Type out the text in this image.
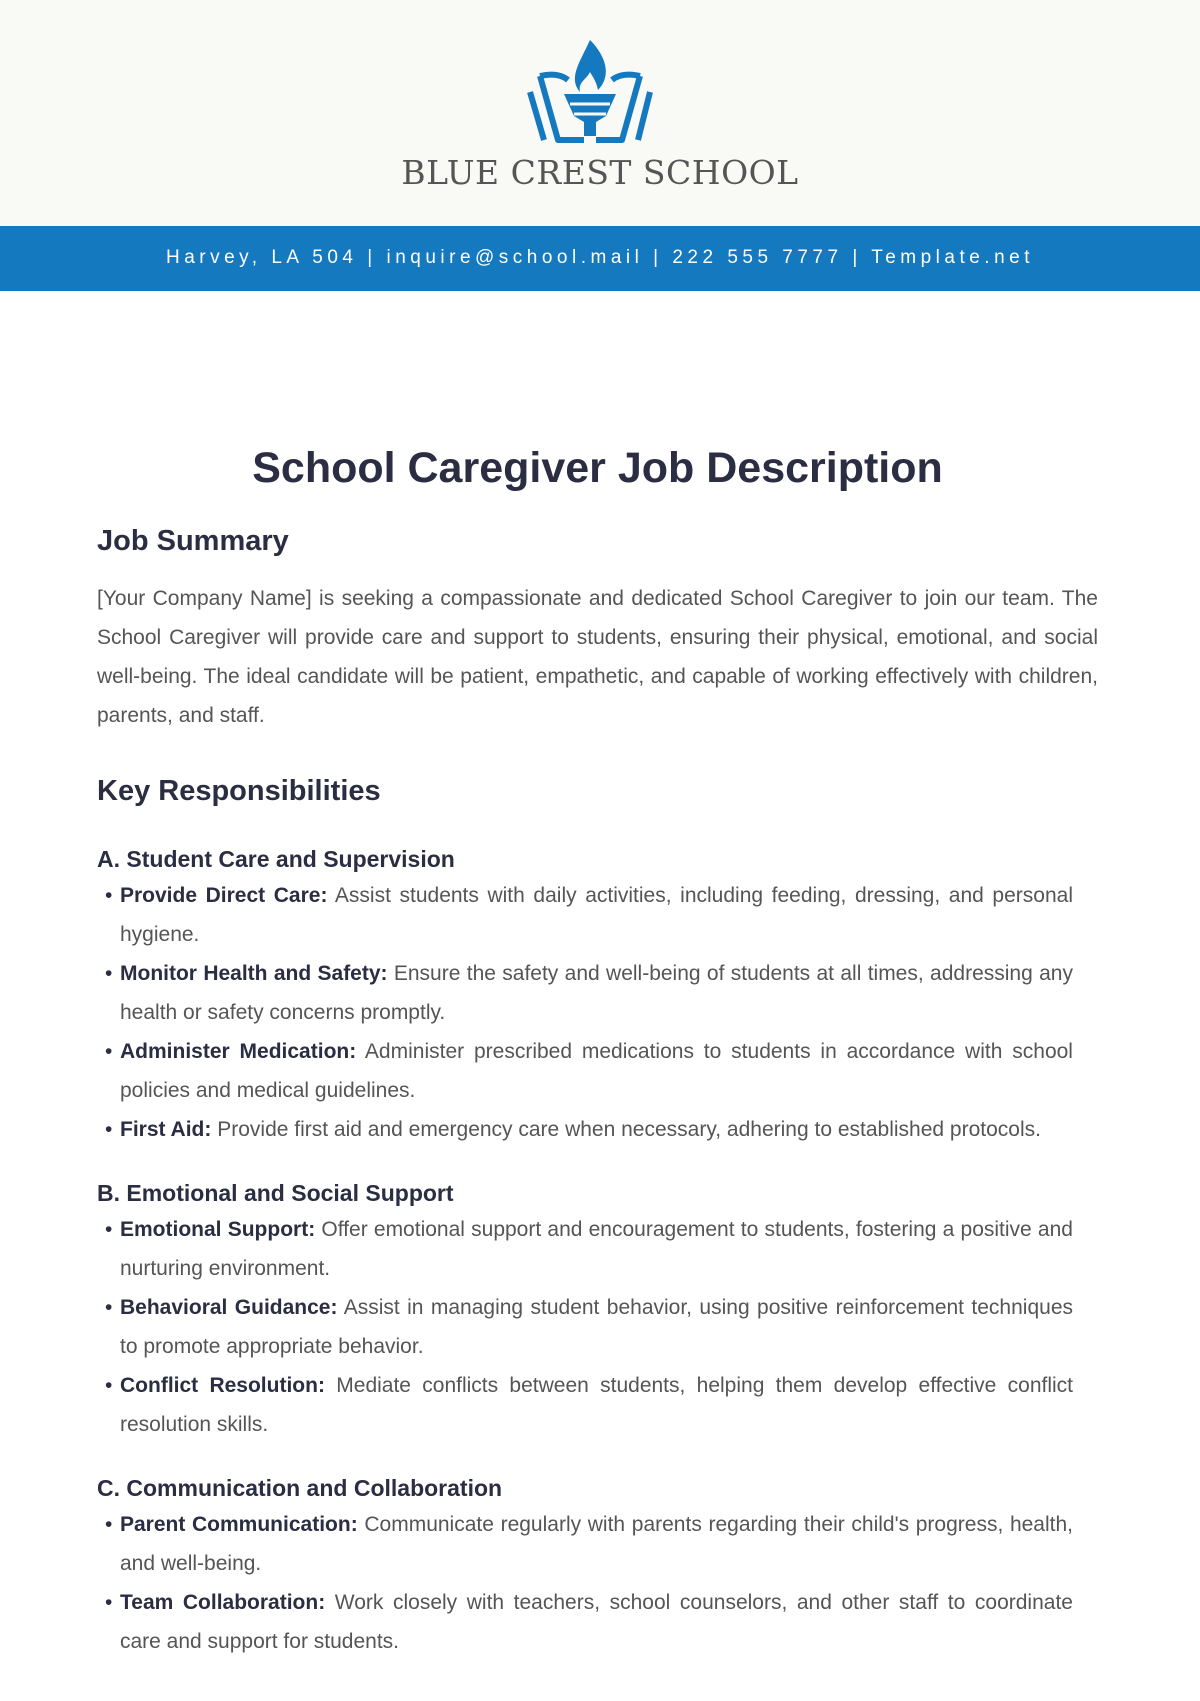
BLUE CREST SCHOOL
Harvey, LA 504 | inquire@school.mail | 222 555 7777 | Template.net
School Caregiver Job Description
Job Summary

[Your Company Name] is seeking a compassionate and dedicated School Caregiver to join our team. The School Caregiver will provide care and support to students, ensuring their physical, emotional, and social well-being. The ideal candidate will be patient, empathetic, and capable of working effectively with children, parents, and staff.

Key Responsibilities
A. Student Care and Supervision
• Provide Direct Care: Assist students with daily activities, including feeding, dressing, and personal hygiene.
• Monitor Health and Safety: Ensure the safety and well-being of students at all times, addressing any health or safety concerns promptly.
• Administer Medication: Administer prescribed medications to students in accordance with school policies and medical guidelines.
• First Aid: Provide first aid and emergency care when necessary, adhering to established protocols.
B. Emotional and Social Support
• Emotional Support: Offer emotional support and encouragement to students, fostering a positive and nurturing environment.
• Behavioral Guidance: Assist in managing student behavior, using positive reinforcement techniques to promote appropriate behavior.
• Conflict Resolution: Mediate conflicts between students, helping them develop effective conflict resolution skills.
C. Communication and Collaboration
• Parent Communication: Communicate regularly with parents regarding their child's progress, health, and well-being.
• Team Collaboration: Work closely with teachers, school counselors, and other staff to coordinate care and support for students.
